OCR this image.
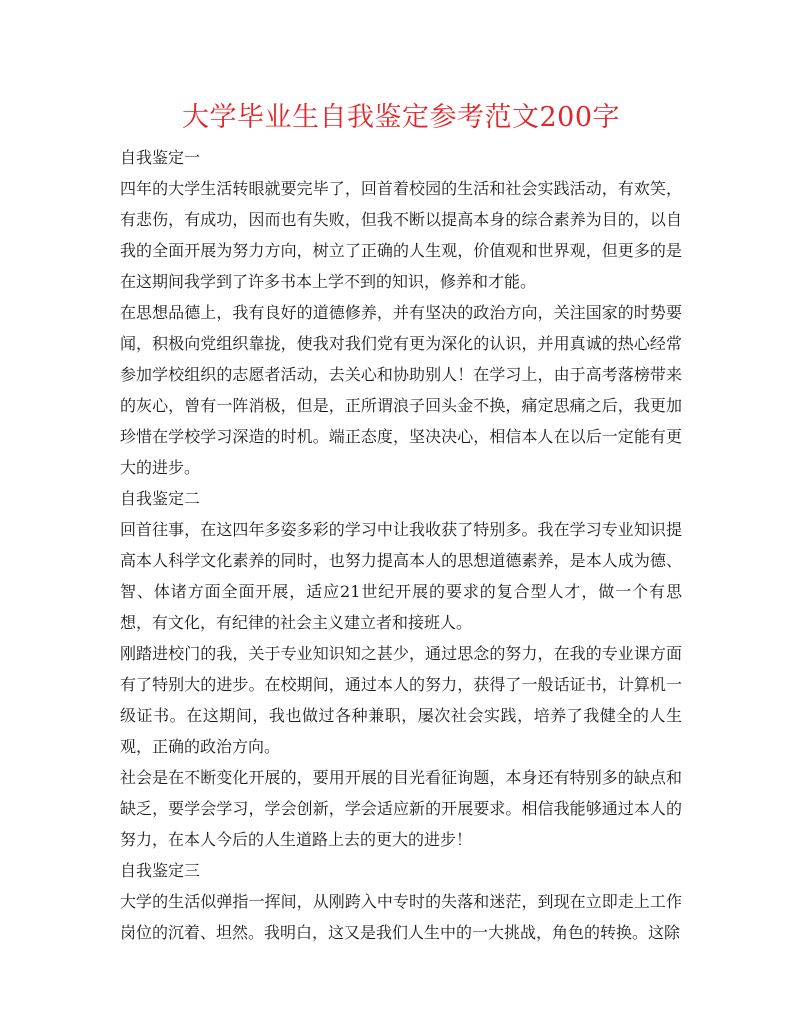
大学毕业生自我鉴定参考范文200字

自我鉴定一

四年的大学生活转眼就要完毕了，回首着校园的生活和社会实践活动，有欢笑，有悲伤，有成功，因而也有失败，但我不断以提高本身的综合素养为目的，以自我的全面开展为努力方向，树立了正确的人生观，价值观和世界观，但更多的是在这期间我学到了许多书本上学不到的知识，修养和才能。

在思想品德上，我有良好的道德修养，并有坚决的政治方向，关注国家的时势要闻，积极向党组织靠拢，使我对我们党有更为深化的认识，并用真诚的热心经常参加学校组织的志愿者活动，去关心和协助别人！在学习上，由于高考落榜带来的灰心，曾有一阵消极，但是，正所谓浪子回头金不换，痛定思痛之后，我更加珍惜在学校学习深造的时机。端正态度，坚决决心，相信本人在以后一定能有更大的进步。

自我鉴定二

回首往事，在这四年多姿多彩的学习中让我收获了特别多。我在学习专业知识提高本人科学文化素养的同时，也努力提高本人的思想道德素养，是本人成为德、智、体诸方面全面开展，适应21世纪开展的要求的复合型人才，做一个有思想，有文化，有纪律的社会主义建立者和接班人。

刚踏进校门的我，关于专业知识知之甚少，通过思念的努力，在我的专业课方面有了特别大的进步。在校期间，通过本人的努力，获得了一般话证书，计算机一级证书。在这期间，我也做过各种兼职，屡次社会实践，培养了我健全的人生观，正确的政治方向。

社会是在不断变化开展的，要用开展的目光看征询题，本身还有特别多的缺点和缺乏，要学会学习，学会创新，学会适应新的开展要求。相信我能够通过本人的努力，在本人今后的人生道路上去的更大的进步！

自我鉴定三

大学的生活似弹指一挥间，从刚跨入中专时的失落和迷茫，到现在立即走上工作岗位的沉着、坦然。我明白，这又是我们人生中的一大挑战，角色的转换。这除
